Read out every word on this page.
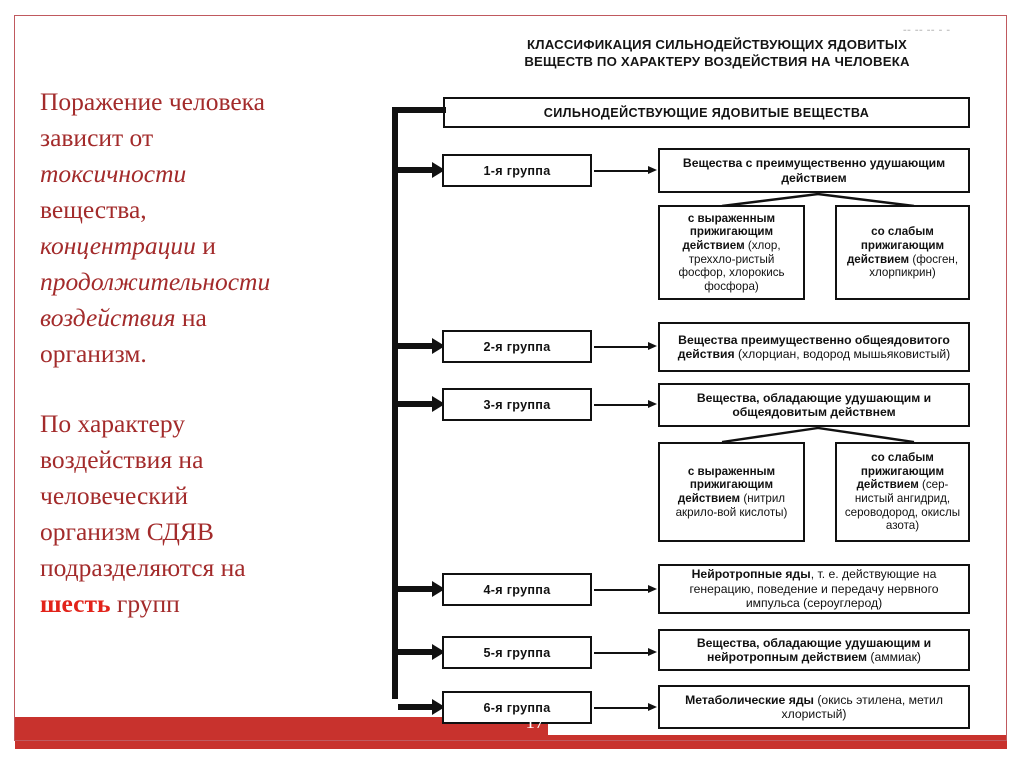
17

Поражение человека
зависит от
токсичности
вещества,
концентрации и
продолжительности
воздействия на
организм.

По характеру
воздействия на
человеческий
организм СДЯВ
подразделяются на
шесть групп

КЛАССИФИКАЦИЯ СИЛЬНОДЕЙСТВУЮЩИХ ЯДОВИТЫХ
ВЕЩЕСТВ ПО ХАРАКТЕРУ ВОЗДЕЙСТВИЯ НА ЧЕЛОВЕКА
-- -- -- - -
СИЛЬНОДЕЙСТВУЮЩИЕ ЯДОВИТЫЕ ВЕЩЕСТВА
1-я группа
Вещества с преимущественно удушающим действием
с выраженным прижигающим действием (хлор, треххло-ристый фосфор, хлорокись фосфора)
со слабым прижигающим действием (фосген, хлорпикрин)
2-я группа	Вещества преимущественно общеядовитого действия (хлорциан, водород мышьяковистый)
3-я группа	Вещества, обладающие удушающим и общеядовитым действнем
с выраженным прижигающим действием (нитрил акрило-вой кислоты)
со слабым прижигающим действием (сер-нистый ангидрид, сероводород, окислы азота)
4-я группа
Нейротропные яды, т. е. действующие на генерацию, поведение и передачу нервного импульса (сероуглерод)
5-я группа
Вещества, обладающие удушающим и нейротропным действием (аммиак)
6-я группа
Метаболические яды (окись этилена, метил хлористый)
